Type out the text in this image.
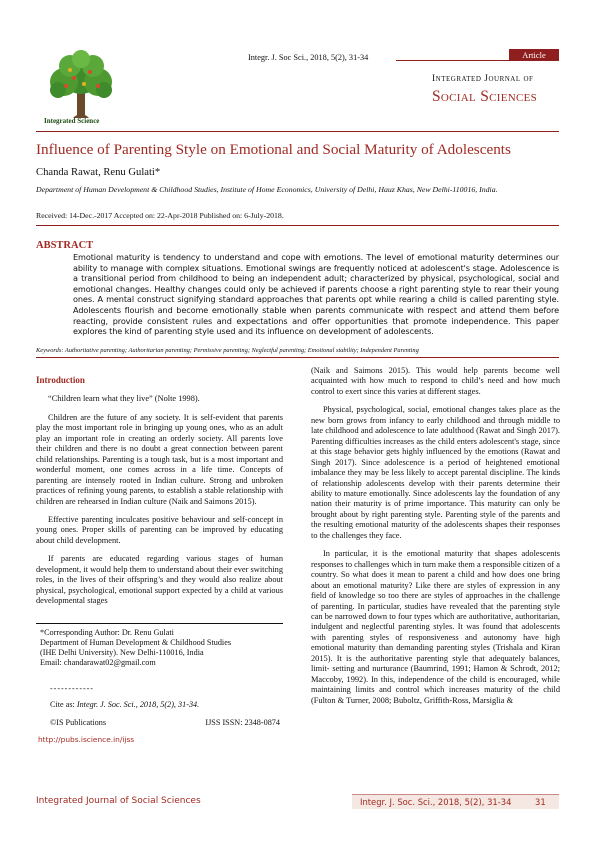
Integr. J. Soc Sci., 2018, 5(2), 31-34	Article
Integrated Journal of
Social Sciences
Integrated Science
Influence of Parenting Style on Emotional and Social Maturity of Adolescents
Chanda Rawat, Renu Gulati*
Department of Human Development & Childhood Studies, Institute of Home Economics, University of Delhi, Hauz Khas, New Delhi-110016, India.
Received: 14-Dec.-2017 Accepted on: 22-Apr-2018 Published on: 6-July-2018.
ABSTRACT
Emotional maturity is tendency to understand and cope with emotions. The level of emotional maturity determines our ability to manage with complex situations. Emotional swings are frequently noticed at adolescent's stage. Adolescence is a transitional period from childhood to being an independent adult; characterized by physical, psychological, social and emotional changes. Healthy changes could only be achieved if parents choose a right parenting style to rear their young ones. A mental construct signifying standard approaches that parents opt while rearing a child is called parenting style. Adolescents flourish and become emotionally stable when parents communicate with respect and attend them before reacting, provide consistent rules and expectations and offer opportunities that promote independence. This paper explores the kind of parenting style used and its influence on development of adolescents.
Keywords: Authoritative parenting; Authoritarian parenting; Permissive parenting; Neglectful parenting; Emotional stability; Independent Parenting
Introduction

“Children learn what they live” (Nolte 1998).

Children are the future of any society. It is self-evident that parents play the most important role in bringing up young ones, who as an adult play an important role in creating an orderly society. All parents love their children and there is no doubt a great connection between parent child relationships. Parenting is a tough task, but is a most important and wonderful moment, one comes across in a life time. Concepts of parenting are intensely rooted in Indian culture. Strong and unbroken practices of refining young parents, to establish a stable relationship with children are rehearsed in Indian culture (Naik and Saimons 2015).

Effective parenting inculcates positive behaviour and self-concept in young ones. Proper skills of parenting can be improved by educating about child development.

If parents are educated regarding various stages of human development, it would help them to understand about their ever switching roles, in the lives of their offspring’s and they would also realize about physical, psychological, emotional support expected by a child at various developmental stages

(Naik and Saimons 2015). This would help parents become well acquainted with how much to respond to child’s need and how much control to exert since this varies at different stages.

Physical, psychological, social, emotional changes takes place as the new born grows from infancy to early childhood and through middle to late childhood and adolescence to late adulthood (Rawat and Singh 2017). Parenting difficulties increases as the child enters adolescent's stage, since at this stage behavior gets highly influenced by the emotions (Rawat and Singh 2017). Since adolescence is a period of heightened emotional imbalance they may be less likely to accept parental discipline. The kinds of relationship adolescents develop with their parents determine their ability to mature emotionally. Since adolescents lay the foundation of any nation their maturity is of prime importance. This maturity can only be brought about by right parenting style. Parenting style of the parents and the resulting emotional maturity of the adolescents shapes their responses to the challenges they face.

In particular, it is the emotional maturity that shapes adolescents responses to challenges which in turn make them a responsible citizen of a country. So what does it mean to parent a child and how does one bring about an emotional maturity? Like there are styles of expression in any field of knowledge so too there are styles of approaches in the challenge of parenting. In particular, studies have revealed that the parenting style can be narrowed down to four types which are authoritative, authoritarian, indulgent and neglectful parenting styles. It was found that adolescents with parenting styles of responsiveness and autonomy have high emotional maturity than demanding parenting styles (Trishala and Kiran 2015). It is the authoritative parenting style that adequately balances, limit- setting and nurturance (Baumrind, 1991; Hamon & Schrodt, 2012; Maccoby, 1992). In this, independence of the child is encouraged, while maintaining limits and control which increases maturity of the child (Fulton & Turner, 2008; Buboltz, Griffith-Ross, Marsiglia &

*Corresponding Author: Dr. Renu Gulati
Department of Human Development & Childhood Studies
(IHE Delhi University). New Delhi-110016, India
Email: chandarawat02@gmail.com
------------
Cite as: Integr. J. Soc. Sci., 2018, 5(2), 31-34.
©IS Publications	IJSS ISSN: 2348-0874
http://pubs.iscience.in/ijss
Integrated Journal of Social Sciences	Integr. J. Soc. Sci., 2018, 5(2), 31-34	31
